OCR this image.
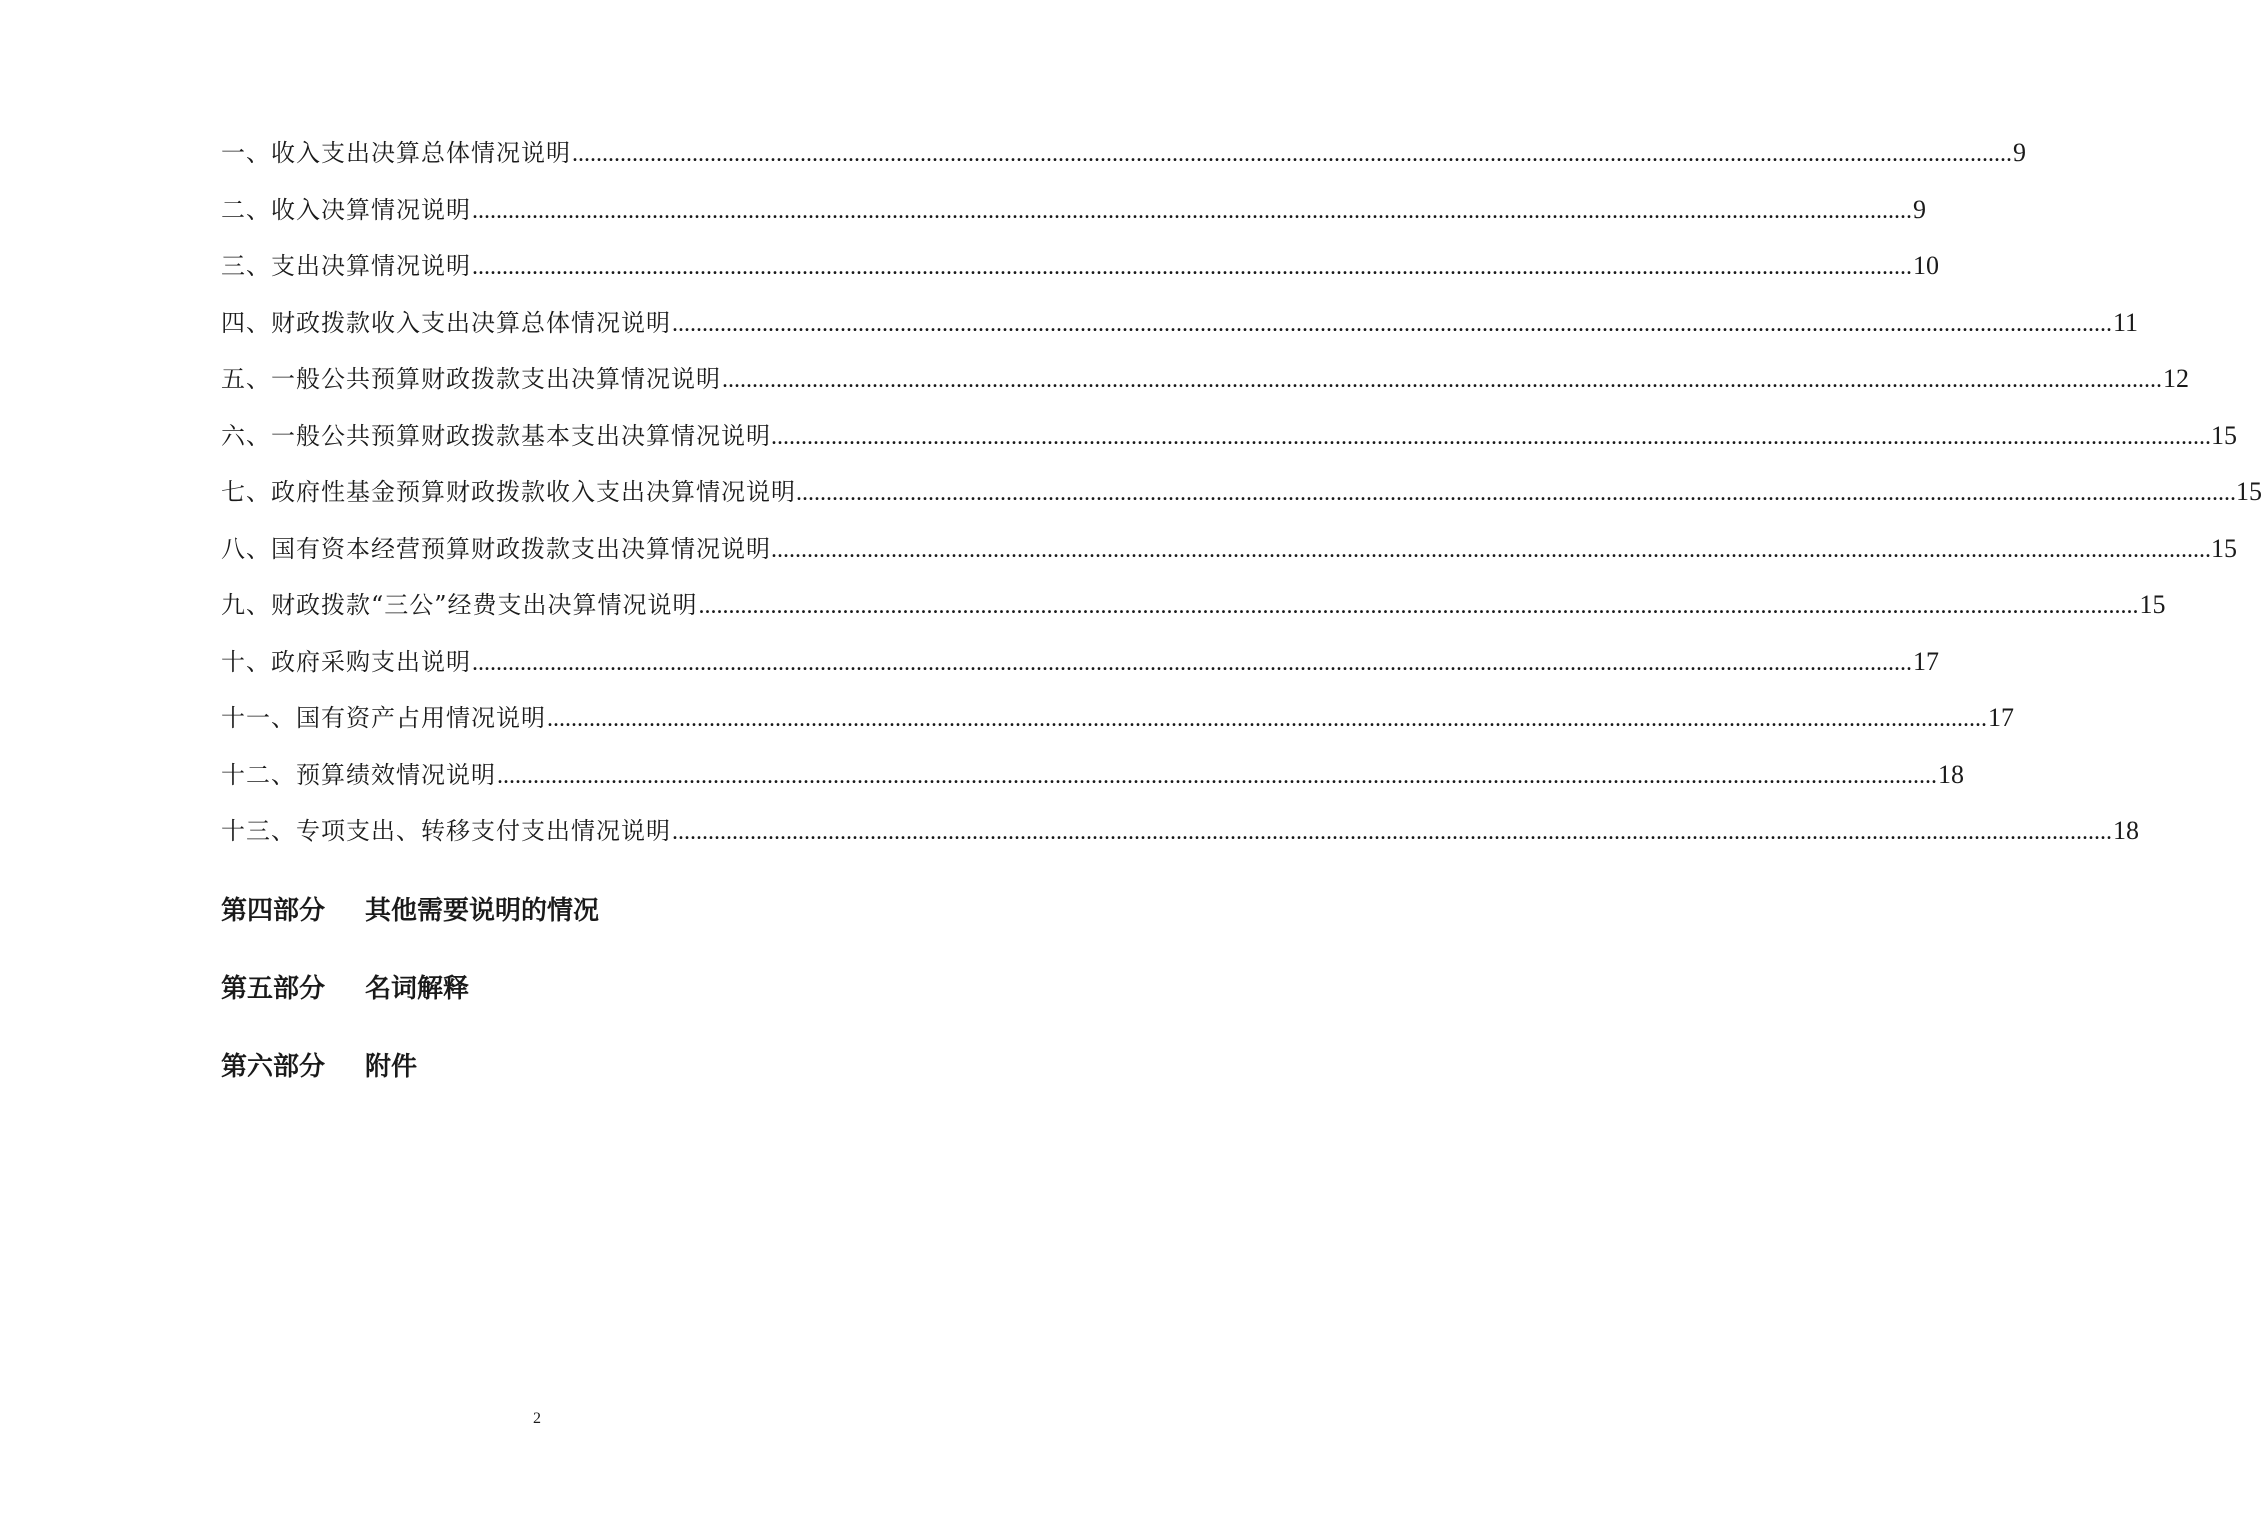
一、收入支出决算总体情况说明 .....	9
二、收入决算情况说明 .....	9
三、支出决算情况说明 .....	10
四、财政拨款收入支出决算总体情况说明 .....	11
五、一般公共预算财政拨款支出决算情况说明 .....	12
六、一般公共预算财政拨款基本支出决算情况说明 .....	15
七、政府性基金预算财政拨款收入支出决算情况说明 .....	15
八、国有资本经营预算财政拨款支出决算情况说明 .....	15
九、财政拨款“三公”经费支出决算情况说明 .....	15
十、政府采购支出说明 .....	17
十一、国有资产占用情况说明 .....	17
十二、预算绩效情况说明 .....	18
十三、专项支出、转移支付支出情况说明 .....	18
第四部分	其他需要说明的情况
第五部分	名词解释
第六部分	附件
2
